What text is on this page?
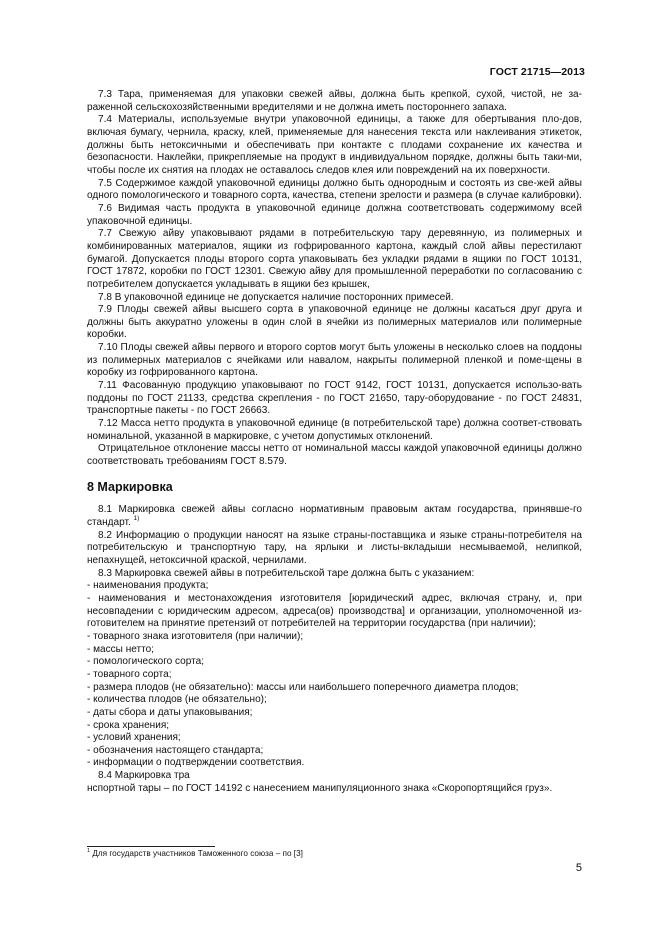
ГОСТ 21715—2013

7.3 Тара, применяемая для упаковки свежей айвы, должна быть крепкой, сухой, чистой, не за-раженной сельскохозяйственными вредителями и не должна иметь постороннего запаха.

7.4 Материалы, используемые внутри упаковочной единицы, а также для обертывания пло-дов, включая бумагу, чернила, краску, клей, применяемые для нанесения текста или наклеивания этикеток, должны быть нетоксичными и обеспечивать при контакте с плодами сохранение их качества и безопасности. Наклейки, прикрепляемые на продукт в индивидуальном порядке, должны быть таки-ми, чтобы после их снятия на плодах не оставалось следов клея или повреждений на их поверхности.

7.5 Содержимое каждой упаковочной единицы должно быть однородным и состоять из све-жей айвы одного помологического и товарного сорта, качества, степени зрелости и размера (в случае калибровки).

7.6 Видимая часть продукта в упаковочной единице должна соответствовать содержимому всей упаковочной единицы.

7.7 Свежую айву упаковывают рядами в потребительскую тару деревянную, из полимерных и комбинированных материалов, ящики из гофрированного картона, каждый слой айвы перестилают бумагой. Допускается плоды второго сорта упаковывать без укладки рядами в ящики по ГОСТ 10131, ГОСТ 17872, коробки по ГОСТ 12301. Свежую айву для промышленной переработки по согласованию с потребителем допускается укладывать в ящики без крышек,

7.8 В упаковочной единице не допускается наличие посторонних примесей.

7.9 Плоды свежей айвы высшего сорта в упаковочной единице не должны касаться друг друга и должны быть аккуратно уложены в один слой в ячейки из полимерных материалов или полимерные коробки.

7.10 Плоды свежей айвы первого и второго сортов могут быть уложены в несколько слоев на поддоны из полимерных материалов с ячейками или навалом, накрыты полимерной пленкой и поме-щены в коробку из гофрированного картона.

7.11 Фасованную продукцию упаковывают по ГОСТ 9142, ГОСТ 10131, допускается использо-вать поддоны по ГОСТ 21133, средства скрепления - по ГОСТ 21650, тару-оборудование - по ГОСТ 24831, транспортные пакеты - по ГОСТ 26663.

7.12 Масса нетто продукта в упаковочной единице (в потребительской таре) должна соответ-ствовать номинальной, указанной в маркировке, с учетом допустимых отклонений.

Отрицательное отклонение массы нетто от номинальной массы каждой упаковочной единицы должно соответствовать требованиям ГОСТ 8.579.

8 Маркировка

8.1 Маркировка свежей айвы согласно нормативным правовым актам государства, принявше-го стандарт. $^{1)}$

8.2 Информацию о продукции наносят на языке страны-поставщика и языке страны-потребителя на потребительскую и транспортную тару, на ярлыки и листы-вкладыши несмываемой, нелипкой, непахнущей, нетоксичной краской, чернилами.

8.3 Маркировка свежей айвы в потребительской таре должна быть с указанием:

- наименования продукта;

- наименования и местонахождения изготовителя [юридический адрес, включая страну, и, при несовпадении с юридическим адресом, адреса(ов) производства] и организации, уполномоченной из-готовителем на принятие претензий от потребителей на территории государства (при наличии);

- товарного знака изготовителя (при наличии);

- массы нетто;

- помологического сорта;

- товарного сорта;

- размера плодов (не обязательно): массы или наибольшего поперечного диаметра плодов;

- количества плодов (не обязательно);

- даты сбора и даты упаковывания;

- срока хранения;

- условий хранения;

- обозначения настоящего стандарта;

- информации о подтверждении соответствия.

8.4 Маркировка тра

нспортной тары – по ГОСТ 14192 с нанесением манипуляционного знака «Скоропортящийся груз».

$^1$ Для государств участников Таможенного союза – по [3]
5
